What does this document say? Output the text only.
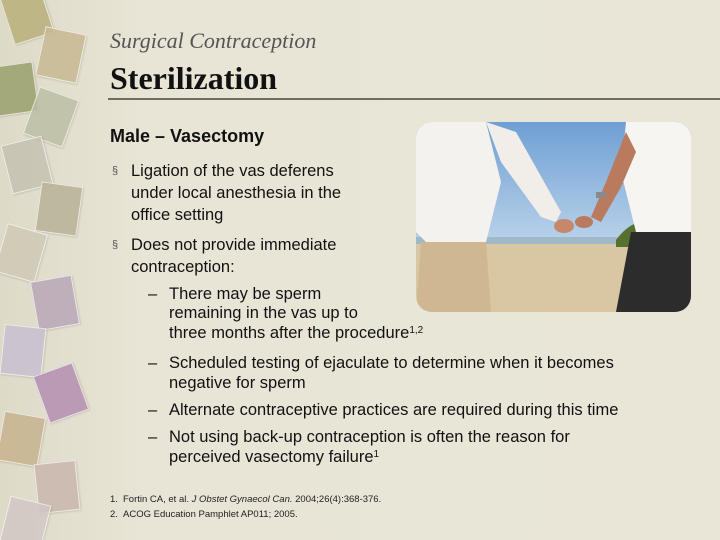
Surgical Contraception

Sterilization

Male – Vasectomy
§ Ligation of the vas deferens
under local anesthesia in the
office setting
§ Does not provide immediate
contraception:
– There may be sperm
remaining in the vas up to
three months after the procedure$^{1,2}$
– Scheduled testing of ejaculate to determine when it becomes
negative for sperm
– Alternate contraceptive practices are required during this time
– Not using back-up contraception is often the reason for
perceived vasectomy failure$^1$
1. Fortin CA, et al. J Obstet Gynaecol Can. 2004;26(4):368-376.
2. ACOG Education Pamphlet AP011; 2005.
